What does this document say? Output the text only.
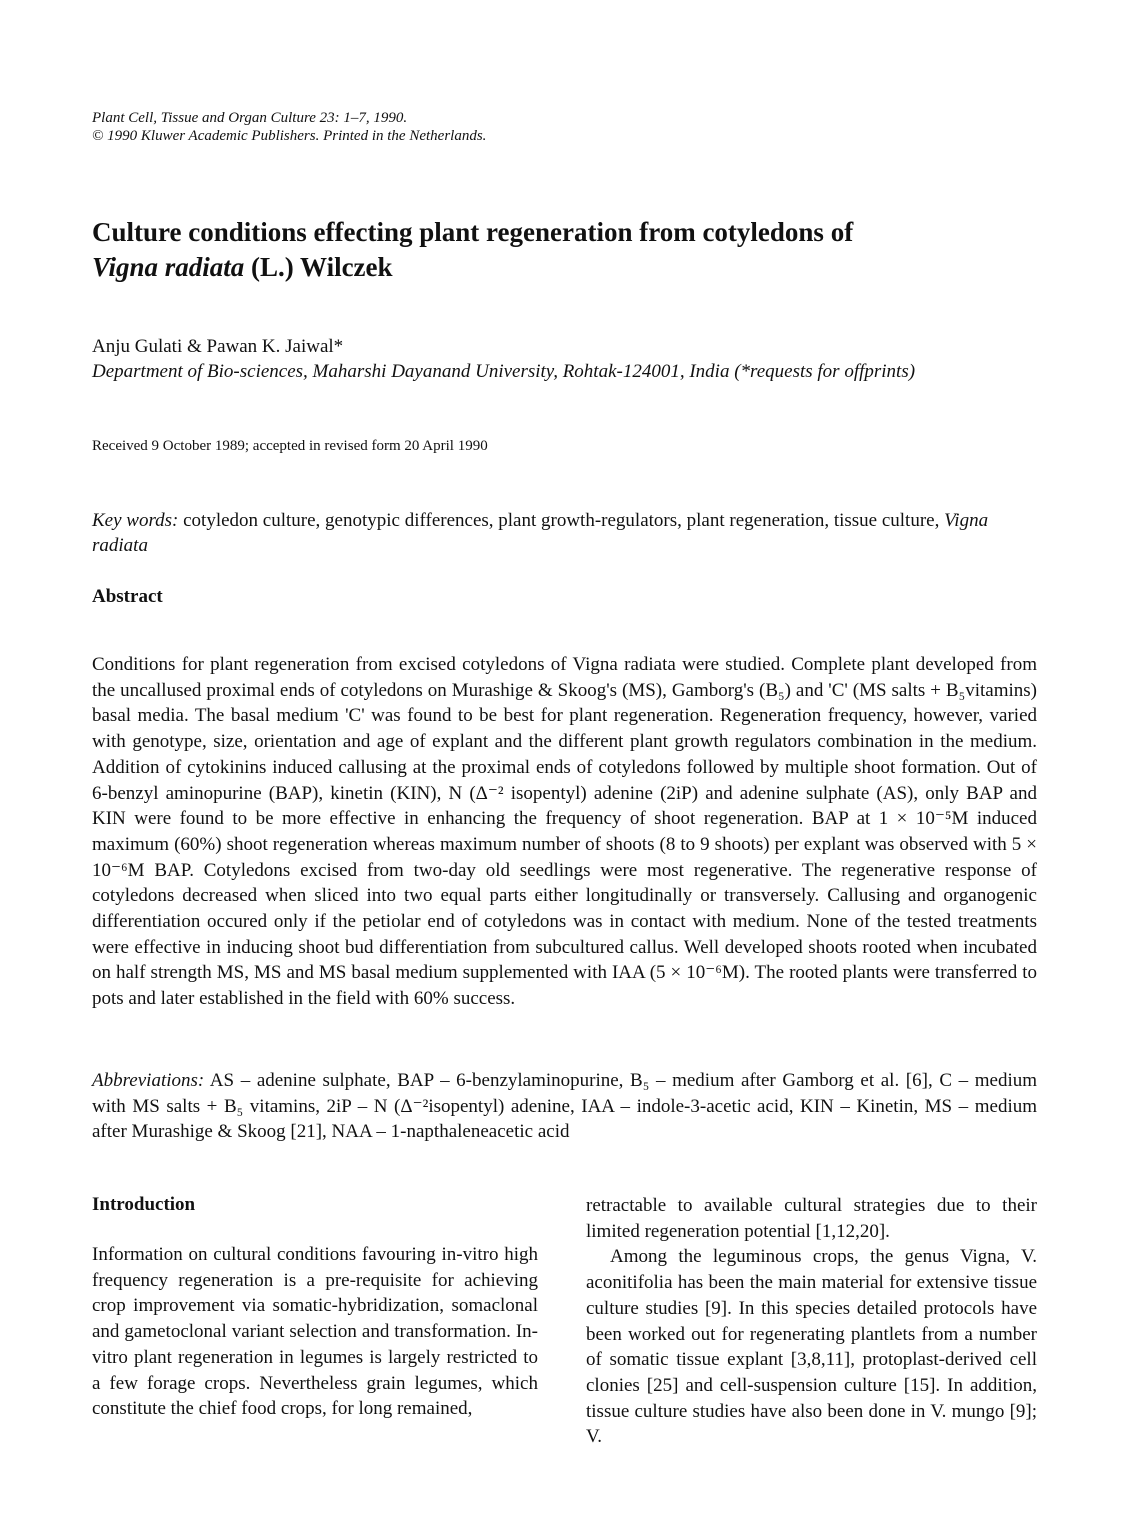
Plant Cell, Tissue and Organ Culture 23: 1–7, 1990.
© 1990 Kluwer Academic Publishers. Printed in the Netherlands.
Culture conditions effecting plant regeneration from cotyledons of
Vigna radiata (L.) Wilczek
Anju Gulati & Pawan K. Jaiwal*
Department of Bio-sciences, Maharshi Dayanand University, Rohtak-124001, India (*requests for offprints)
Received 9 October 1989; accepted in revised form 20 April 1990
Key words: cotyledon culture, genotypic differences, plant growth-regulators, plant regeneration, tissue culture, Vigna radiata
Abstract

Conditions for plant regeneration from excised cotyledons of Vigna radiata were studied. Complete plant developed from the uncallused proximal ends of cotyledons on Murashige & Skoog's (MS), Gamborg's (B₅) and 'C' (MS salts + B₅vitamins) basal media. The basal medium 'C' was found to be best for plant regeneration. Regeneration frequency, however, varied with genotype, size, orientation and age of explant and the different plant growth regulators combination in the medium. Addition of cytokinins induced callusing at the proximal ends of cotyledons followed by multiple shoot formation. Out of 6-benzyl aminopurine (BAP), kinetin (KIN), N (Δ⁻² isopentyl) adenine (2iP) and adenine sulphate (AS), only BAP and KIN were found to be more effective in enhancing the frequency of shoot regeneration. BAP at 1 × 10⁻⁵M induced maximum (60%) shoot regeneration whereas maximum number of shoots (8 to 9 shoots) per explant was observed with 5 × 10⁻⁶M BAP. Cotyledons excised from two-day old seedlings were most regenerative. The regenerative response of cotyledons decreased when sliced into two equal parts either longitudinally or transversely. Callusing and organogenic differentiation occured only if the petiolar end of cotyledons was in contact with medium. None of the tested treatments were effective in inducing shoot bud differentiation from subcultured callus. Well developed shoots rooted when incubated on half strength MS, MS and MS basal medium supplemented with IAA (5 × 10⁻⁶M). The rooted plants were transferred to pots and later established in the field with 60% success.

Abbreviations: AS – adenine sulphate, BAP – 6-benzylaminopurine, B₅ – medium after Gamborg et al. [6], C – medium with MS salts + B₅ vitamins, 2iP – N (Δ⁻²isopentyl) adenine, IAA – indole-3-acetic acid, KIN – Kinetin, MS – medium after Murashige & Skoog [21], NAA – 1-napthaleneacetic acid
Introduction

Information on cultural conditions favouring in-vitro high frequency regeneration is a pre-requisite for achieving crop improvement via somatic-hybridization, somaclonal and gametoclonal variant selection and transformation. In-vitro plant regeneration in legumes is largely restricted to a few forage crops. Nevertheless grain legumes, which constitute the chief food crops, for long remained,

retractable to available cultural strategies due to their limited regeneration potential [1,12,20].

Among the leguminous crops, the genus Vigna, V. aconitifolia has been the main material for extensive tissue culture studies [9]. In this species detailed protocols have been worked out for regenerating plantlets from a number of somatic tissue explant [3,8,11], protoplast-derived cell clonies [25] and cell-suspension culture [15]. In addition, tissue culture studies have also been done in V. mungo [9]; V.
